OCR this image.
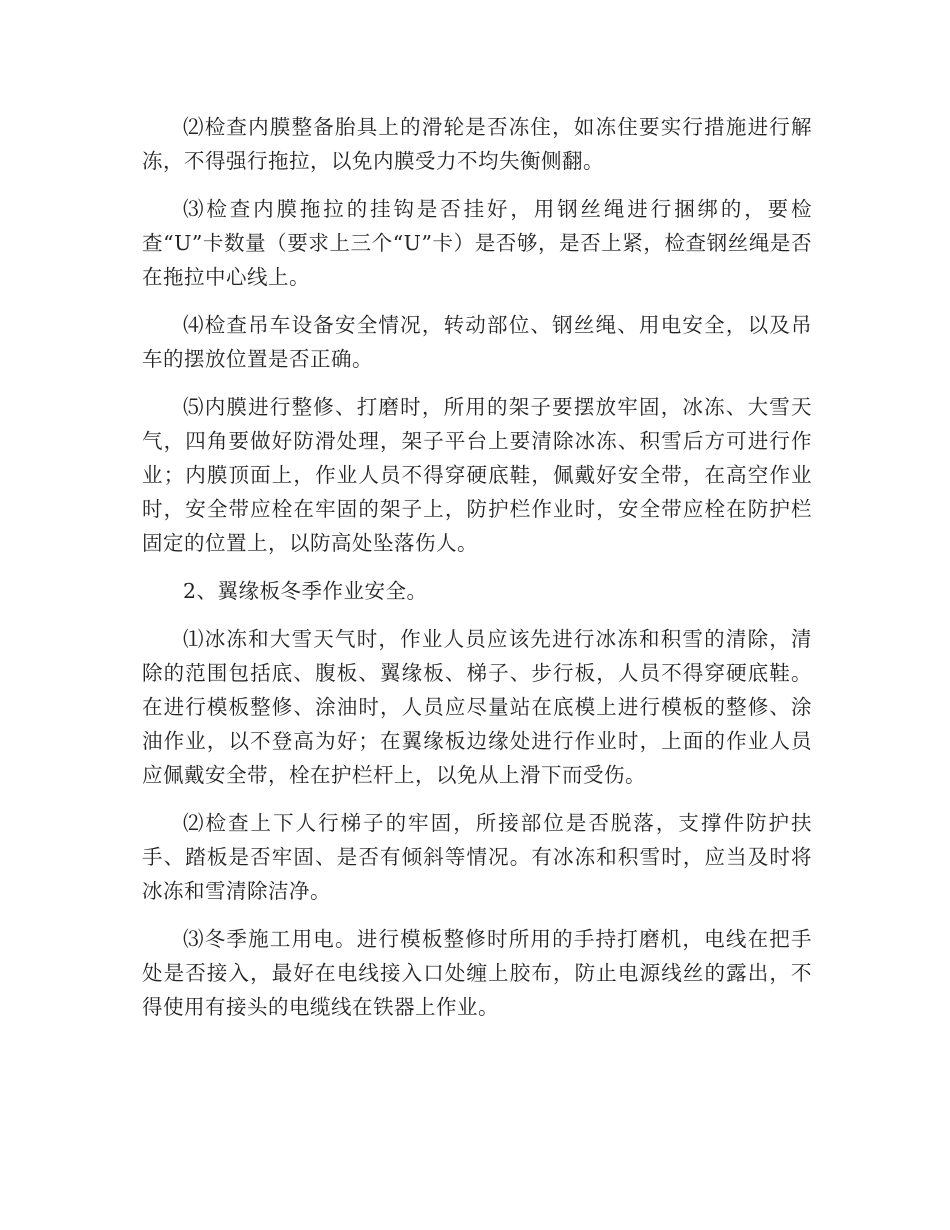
⑵检查内膜整备胎具上的滑轮是否冻住，如冻住要实行措施进行解冻，不得强行拖拉，以免内膜受力不均失衡侧翻。

⑶检查内膜拖拉的挂钩是否挂好，用钢丝绳进行捆绑的，要检查“U”卡数量（要求上三个“U”卡）是否够，是否上紧，检查钢丝绳是否在拖拉中心线上。

⑷检查吊车设备安全情况，转动部位、钢丝绳、用电安全，以及吊车的摆放位置是否正确。

⑸内膜进行整修、打磨时，所用的架子要摆放牢固，冰冻、大雪天气，四角要做好防滑处理，架子平台上要清除冰冻、积雪后方可进行作业；内膜顶面上，作业人员不得穿硬底鞋，佩戴好安全带，在高空作业时，安全带应栓在牢固的架子上，防护栏作业时，安全带应栓在防护栏固定的位置上，以防高处坠落伤人。

2、翼缘板冬季作业安全。

⑴冰冻和大雪天气时，作业人员应该先进行冰冻和积雪的清除，清除的范围包括底、腹板、翼缘板、梯子、步行板，人员不得穿硬底鞋。在进行模板整修、涂油时，人员应尽量站在底模上进行模板的整修、涂油作业，以不登高为好；在翼缘板边缘处进行作业时，上面的作业人员应佩戴安全带，栓在护栏杆上，以免从上滑下而受伤。

⑵检查上下人行梯子的牢固，所接部位是否脱落，支撑件防护扶手、踏板是否牢固、是否有倾斜等情况。有冰冻和积雪时，应当及时将冰冻和雪清除洁净。

⑶冬季施工用电。进行模板整修时所用的手持打磨机，电线在把手处是否接入，最好在电线接入口处缠上胶布，防止电源线丝的露出，不得使用有接头的电缆线在铁器上作业。
